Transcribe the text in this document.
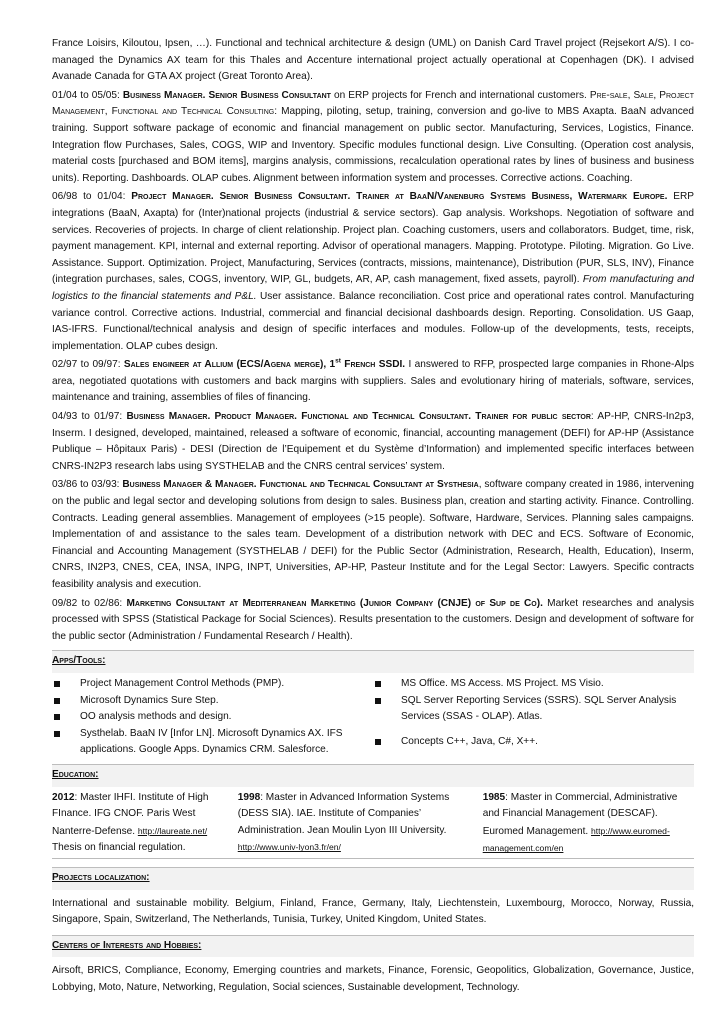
France Loisirs, Kiloutou, Ipsen, …). Functional and technical architecture & design (UML) on Danish Card Travel project (Rejsekort A/S). I co-managed the Dynamics AX team for this Thales and Accenture international project actually operational at Copenhagen (DK). I advised Avanade Canada for GTA AX project (Great Toronto Area).

01/04 to 05/05: Business Manager. Senior Business Consultant on ERP projects for French and international customers. Pre-sale, Sale, Project Management, Functional and Technical Consulting: Mapping, piloting, setup, training, conversion and go-live to MBS Axapta. BaaN advanced training. Support software package of economic and financial management on public sector. Manufacturing, Services, Logistics, Finance. Integration flow Purchases, Sales, COGS, WIP and Inventory. Specific modules functional design. Live Consulting. (Operation cost analysis, material costs [purchased and BOM items], margins analysis, commissions, recalculation operational rates by lines of business and business units). Reporting. Dashboards. OLAP cubes. Alignment between information system and processes. Corrective actions. Coaching.

06/98 to 01/04: Project Manager. Senior Business Consultant. Trainer at BaaN/Vanenburg Systems Business, Watermark Europe. ERP integrations (BaaN, Axapta) for (Inter)national projects (industrial & service sectors). Gap analysis. Workshops. Negotiation of software and services. Recoveries of projects. In charge of client relationship. Project plan. Coaching customers, users and collaborators. Budget, time, risk, payment management. KPI, internal and external reporting. Advisor of operational managers. Mapping. Prototype. Piloting. Migration. Go Live. Assistance. Support. Optimization. Project, Manufacturing, Services (contracts, missions, maintenance), Distribution (PUR, SLS, INV), Finance (integration purchases, sales, COGS, inventory, WIP, GL, budgets, AR, AP, cash management, fixed assets, payroll). From manufacturing and logistics to the financial statements and P&L. User assistance. Balance reconciliation. Cost price and operational rates control. Manufacturing variance control. Corrective actions. Industrial, commercial and financial decisional dashboards design. Reporting. Consolidation. US Gaap, IAS-IFRS. Functional/technical analysis and design of specific interfaces and modules. Follow-up of the developments, tests, receipts, implementation. OLAP cubes design.

02/97 to 09/97: Sales engineer at Allium (ECS/Agena merge), 1st French SSDI. I answered to RFP, prospected large companies in Rhone-Alps area, negotiated quotations with customers and back margins with suppliers. Sales and evolutionary hiring of materials, software, services, maintenance and training, assemblies of files of financing.

04/93 to 01/97: Business Manager. Product Manager. Functional and Technical Consultant. Trainer for public sector: AP-HP, CNRS-In2p3, Inserm. I designed, developed, maintained, released a software of economic, financial, accounting management (DEFI) for AP-HP (Assistance Publique – Hôpitaux Paris) - DESI (Direction de l’Equipement et du Système d’Information) and implemented specific interfaces between CNRS-IN2P3 research labs using SYSTHELAB and the CNRS central services’ system.

03/86 to 03/93: Business Manager & Manager. Functional and Technical Consultant at Systhesia, software company created in 1986, intervening on the public and legal sector and developing solutions from design to sales. Business plan, creation and starting activity. Finance. Controlling. Contracts. Leading general assemblies. Management of employees (>15 people). Software, Hardware, Services. Planning sales campaigns. Implementation of and assistance to the sales team. Development of a distribution network with DEC and ECS. Software of Economic, Financial and Accounting Management (SYSTHELAB / DEFI) for the Public Sector (Administration, Research, Health, Education), Inserm, CNRS, IN2P3, CNES, CEA, INSA, INPG, INPT, Universities, AP-HP, Pasteur Institute and for the Legal Sector: Lawyers. Specific contracts feasibility analysis and execution.

09/82 to 02/86: Marketing Consultant at Mediterranean Marketing (Junior Company (CNJE) of Sup de Co). Market researches and analysis processed with SPSS (Statistical Package for Social Sciences). Results presentation to the customers. Design and development of software for the public sector (Administration / Fundamental Research / Health).

Apps/Tools:
Project Management Control Methods (PMP).
Microsoft Dynamics Sure Step.
OO analysis methods and design.
Systhelab. BaaN IV [Infor LN]. Microsoft Dynamics AX. IFS applications. Google Apps. Dynamics CRM. Salesforce.
MS Office. MS Access. MS Project. MS Visio.
SQL Server Reporting Services (SSRS). SQL Server Analysis Services (SSAS - OLAP). Atlas.
Concepts C++, Java, C#, X++.
Education:
2012: Master IHFI. Institute of High FInance. IFG CNOF. Paris West Nanterre-Defense. http://laureate.net/ Thesis on financial regulation.
1998: Master in Advanced Information Systems (DESS SIA). IAE. Institute of Companies’ Administration. Jean Moulin Lyon III University. http://www.univ-lyon3.fr/en/
1985: Master in Commercial, Administrative and Financial Management (DESCAF). Euromed Management. http://www.euromed-management.com/en
Projects localization:

International and sustainable mobility. Belgium, Finland, France, Germany, Italy, Liechtenstein, Luxembourg, Morocco, Norway, Russia, Singapore, Spain, Switzerland, The Netherlands, Tunisia, Turkey, United Kingdom, United States.

Centers of Interests and Hobbies:

Airsoft, BRICS, Compliance, Economy, Emerging countries and markets, Finance, Forensic, Geopolitics, Globalization, Governance, Justice, Lobbying, Moto, Nature, Networking, Regulation, Social sciences, Sustainable development, Technology.
